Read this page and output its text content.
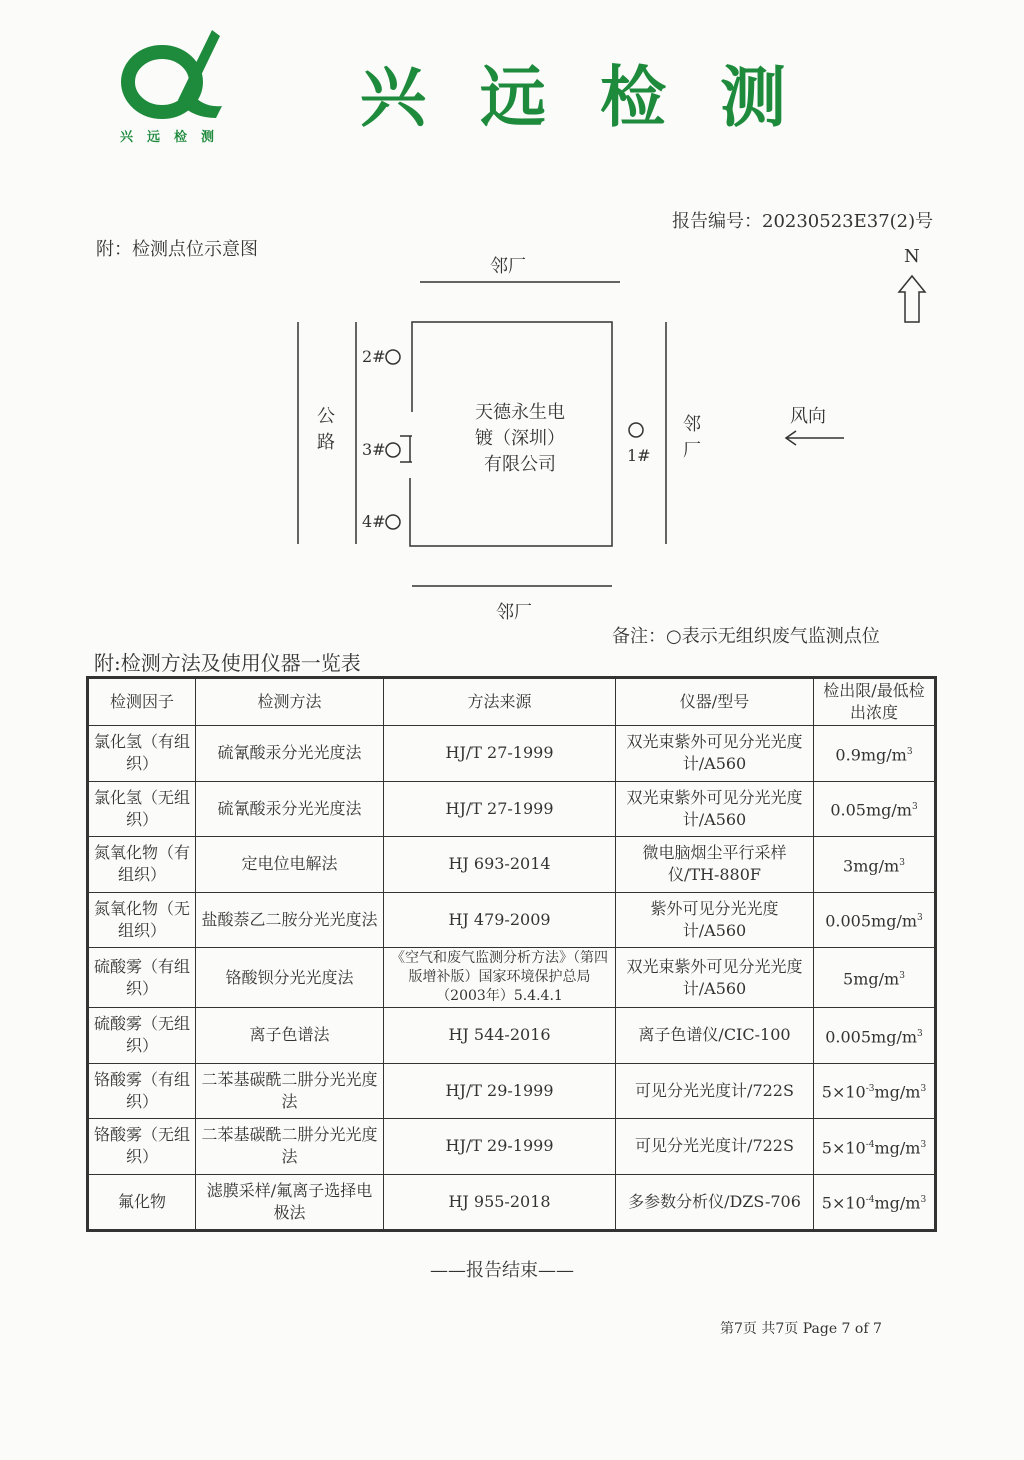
兴远检测
兴远检测
报告编号：20230523E37(2)号
附：检测点位示意图
邻厂
邻厂
邻厂
公路
N
风向
2#
3#
4#
1#
天德永生电
镀（深圳）
有限公司
备注：○表示无组织废气监测点位
附:检测方法及使用仪器一览表
检测因子	检测方法	方法来源	仪器/型号	检出限/最低检出浓度
氯化氢（有组织）	硫氰酸汞分光光度法	HJ/T 27-1999	双光束紫外可见分光光度计/A560	$0.9mg/m^3$
氯化氢（无组织）	硫氰酸汞分光光度法	HJ/T 27-1999	双光束紫外可见分光光度计/A560	$0.05mg/m^3$
氮氧化物（有组织）	定电位电解法	HJ 693-2014	微电脑烟尘平行采样仪/TH-880F	$3mg/m^3$
氮氧化物（无组织）	盐酸萘乙二胺分光光度法	HJ 479-2009	紫外可见分光光度计/A560	$0.005mg/m^3$
硫酸雾（有组织）	铬酸钡分光光度法	《空气和废气监测分析方法》（第四版增补版）国家环境保护总局（2003年）5.4.4.1	双光束紫外可见分光光度计/A560	$5mg/m^3$
硫酸雾（无组织）	离子色谱法	HJ 544-2016	离子色谱仪/CIC-100	$0.005mg/m^3$
铬酸雾（有组织）	二苯基碳酰二肼分光光度法	HJ/T 29-1999	可见分光光度计/722S	$5\times 10^{-3}mg/m^3$
铬酸雾（无组织）	二苯基碳酰二肼分光光度法	HJ/T 29-1999	可见分光光度计/722S	$5\times 10^{-4}mg/m^3$
氟化物	滤膜采样/氟离子选择电极法	HJ 955-2018	多参数分析仪/DZS-706	$5\times 10^{-4}mg/m^3$
——报告结束——
第7页 共7页 Page 7 of 7
